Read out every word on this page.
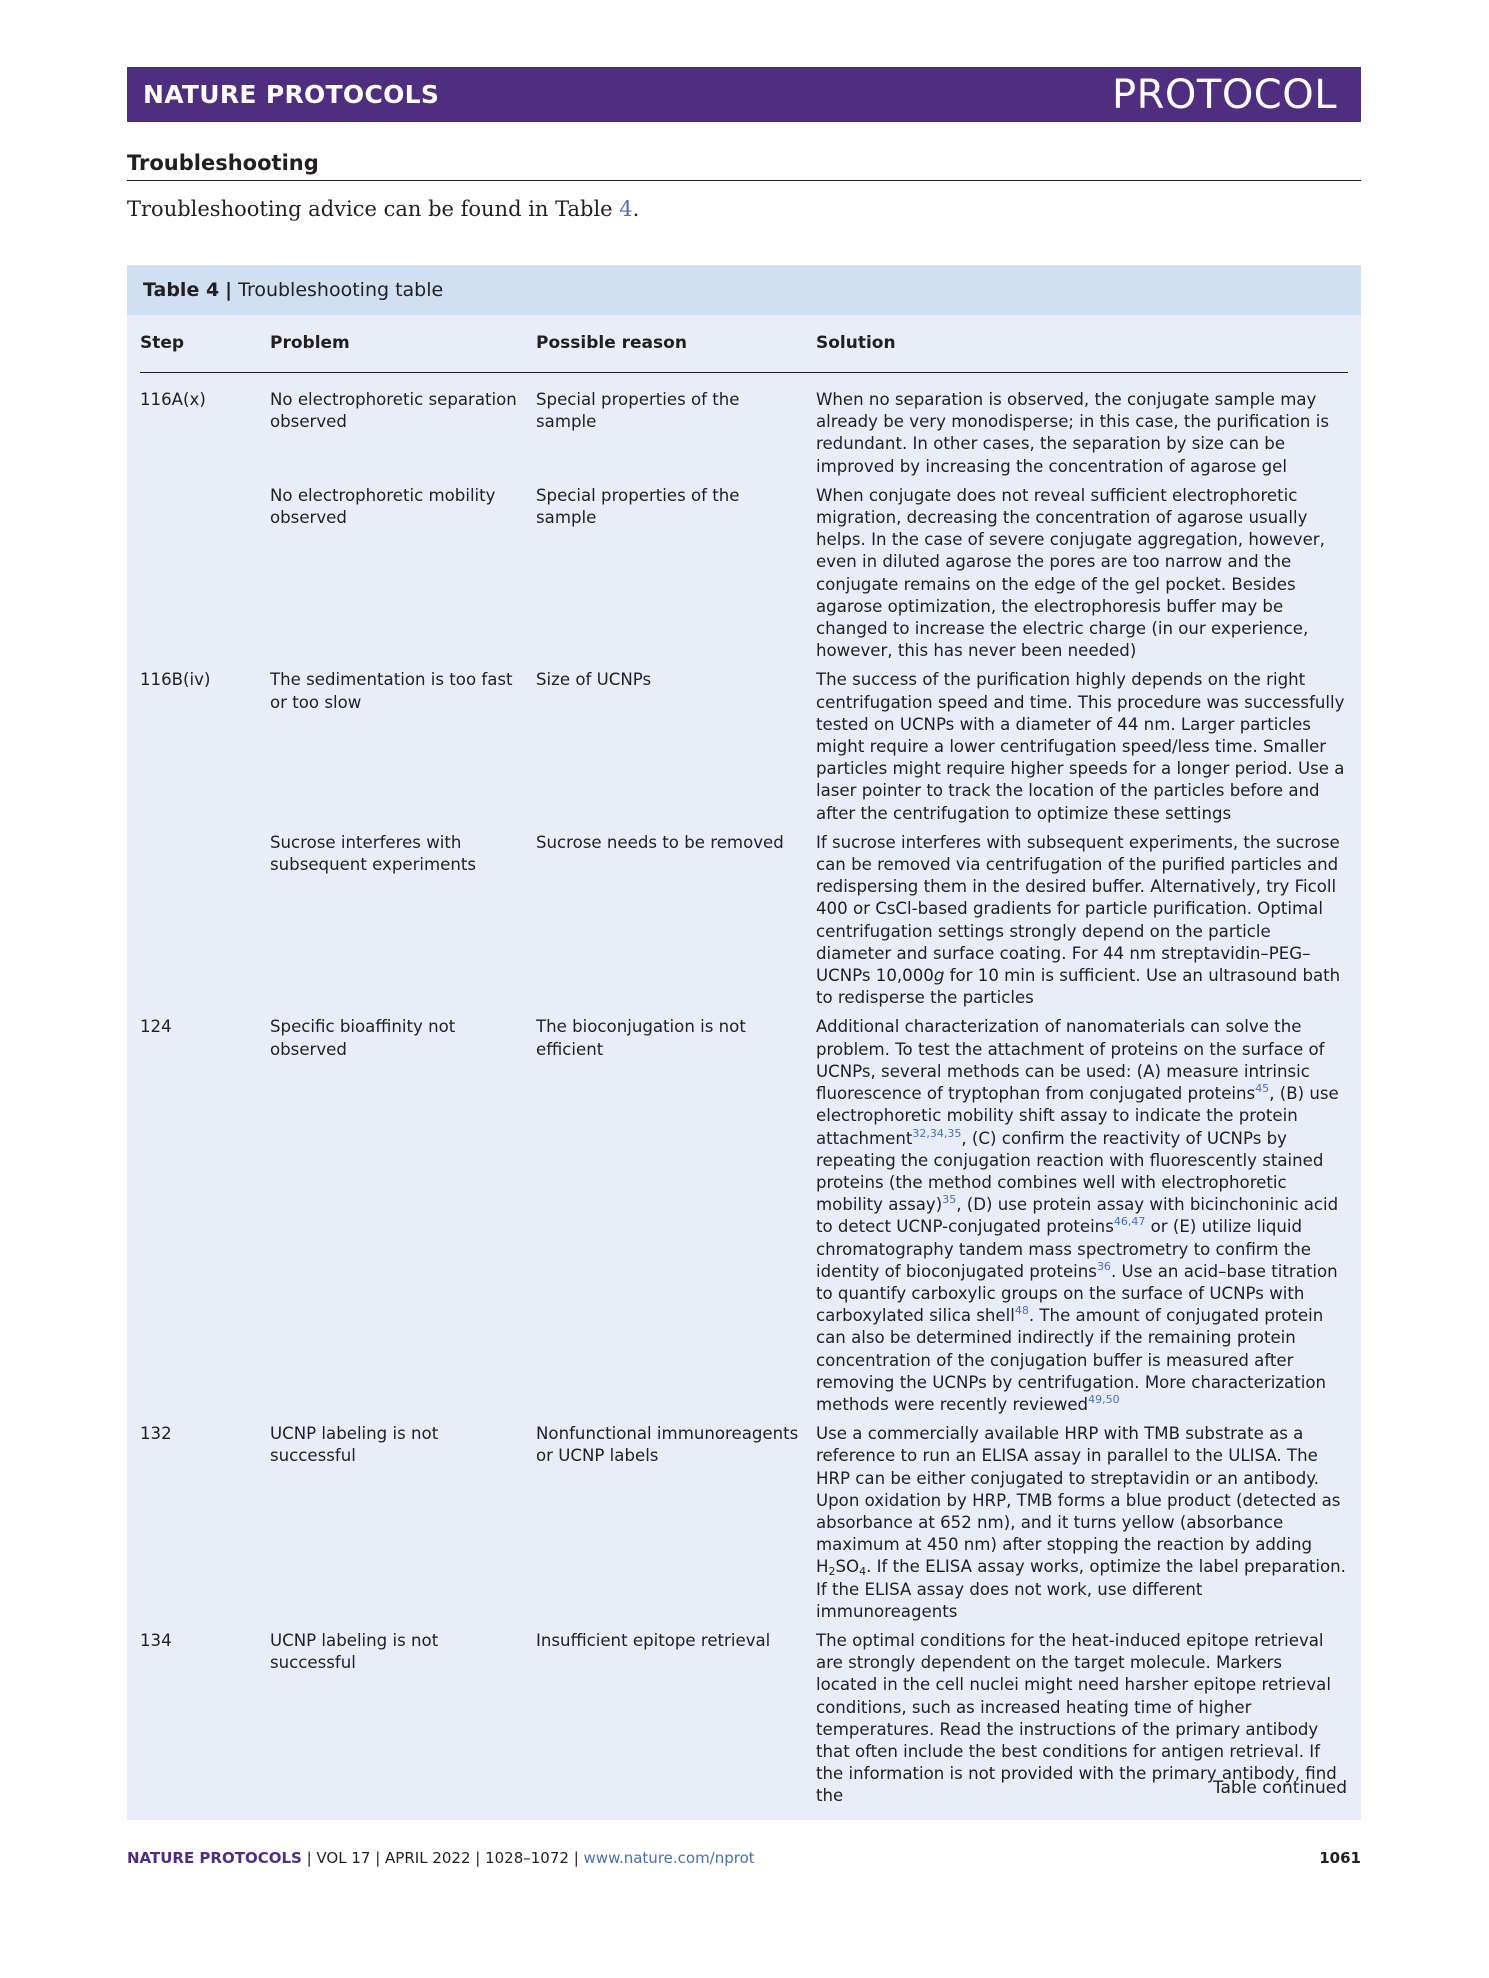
NATURE PROTOCOLS	PROTOCOL
Troubleshooting
Troubleshooting advice can be found in Table 4.
Table 4 | Troubleshooting table
Step	Problem	Possible reason	Solution
116A(x)	No electrophoretic separation observed	Special properties of the sample	When no separation is observed, the conjugate sample may already be very monodisperse; in this case, the purification is redundant. In other cases, the separation by size can be improved by increasing the concentration of agarose gel
	No electrophoretic mobility observed	Special properties of the sample	When conjugate does not reveal sufficient electrophoretic migration, decreasing the concentration of agarose usually helps. In the case of severe conjugate aggregation, however, even in diluted agarose the pores are too narrow and the conjugate remains on the edge of the gel pocket. Besides agarose optimization, the electrophoresis buffer may be changed to increase the electric charge (in our experience, however, this has never been needed)
116B(iv)	The sedimentation is too fast or too slow	Size of UCNPs	The success of the purification highly depends on the right centrifugation speed and time. This procedure was successfully tested on UCNPs with a diameter of 44 nm. Larger particles might require a lower centrifugation speed/less time. Smaller particles might require higher speeds for a longer period. Use a laser pointer to track the location of the particles before and after the centrifugation to optimize these settings
	Sucrose interferes with subsequent experiments	Sucrose needs to be removed	If sucrose interferes with subsequent experiments, the sucrose can be removed via centrifugation of the purified particles and redispersing them in the desired buffer. Alternatively, try Ficoll 400 or CsCl-based gradients for particle purification. Optimal centrifugation settings strongly depend on the particle diameter and surface coating. For 44 nm streptavidin–PEG–UCNPs 10,000g for 10 min is sufficient. Use an ultrasound bath to redisperse the particles
124	Specific bioaffinity not observed	The bioconjugation is not efficient	Additional characterization of nanomaterials can solve the problem. To test the attachment of proteins on the surface of UCNPs, several methods can be used: (A) measure intrinsic fluorescence of tryptophan from conjugated proteins$^{45}$, (B) use electrophoretic mobility shift assay to indicate the protein attachment$^{32,34,35}$, (C) confirm the reactivity of UCNPs by repeating the conjugation reaction with fluorescently stained proteins (the method combines well with electrophoretic mobility assay)$^{35}$, (D) use protein assay with bicinchoninic acid to detect UCNP-conjugated proteins$^{46,47}$ or (E) utilize liquid chromatography tandem mass spectrometry to confirm the identity of bioconjugated proteins$^{36}$. Use an acid–base titration to quantify carboxylic groups on the surface of UCNPs with carboxylated silica shell$^{48}$. The amount of conjugated protein can also be determined indirectly if the remaining protein concentration of the conjugation buffer is measured after removing the UCNPs by centrifugation. More characterization methods were recently reviewed$^{49,50}$
132	UCNP labeling is not successful	Nonfunctional immunoreagents or UCNP labels	Use a commercially available HRP with TMB substrate as a reference to run an ELISA assay in parallel to the ULISA. The HRP can be either conjugated to streptavidin or an antibody. Upon oxidation by HRP, TMB forms a blue product (detected as absorbance at 652 nm), and it turns yellow (absorbance maximum at 450 nm) after stopping the reaction by adding $H_2SO_4$. If the ELISA assay works, optimize the label preparation. If the ELISA assay does not work, use different immunoreagents
134	UCNP labeling is not successful	Insufficient epitope retrieval	The optimal conditions for the heat-induced epitope retrieval are strongly dependent on the target molecule. Markers located in the cell nuclei might need harsher epitope retrieval conditions, such as increased heating time of higher temperatures. Read the instructions of the primary antibody that often include the best conditions for antigen retrieval. If the information is not provided with the primary antibody, find the	Table continued
NATURE PROTOCOLS | VOL 17 | APRIL 2022 | 1028–1072 | www.nature.com/nprot	1061
